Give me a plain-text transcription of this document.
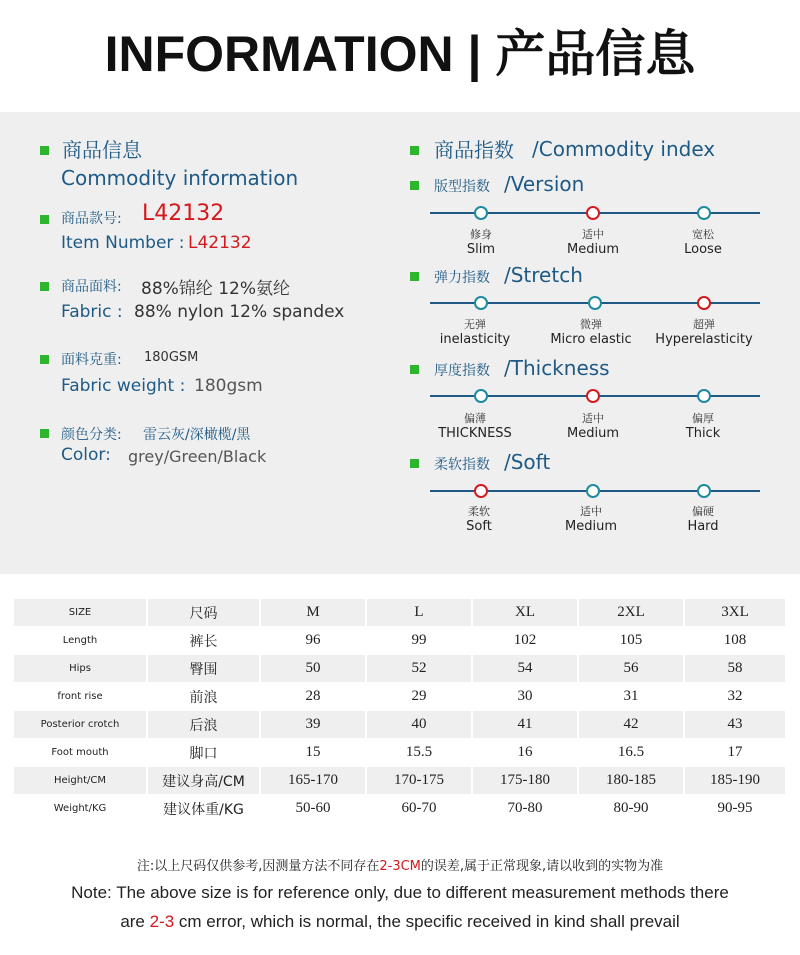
INFORMATION | 产品信息
商品信息
Commodity information
商品款号: L42132
Item Number : L42132
商品面料: 88%锦纶 12%氨纶
Fabric : 88% nylon 12% spandex
面料克重: 180GSM
Fabric weight : 180gsm
颜色分类: 雷云灰/深橄榄/黑
Color: grey/Green/Black
商品指数 /Commodity index
版型指数 /Version
修身
Slim
适中
Medium
宽松
Loose
弹力指数 /Stretch
无弹
inelasticity
微弹
Micro elastic
超弹
Hyperelasticity
厚度指数 /Thickness
偏薄
THICKNESS
适中
Medium
偏厚
Thick
柔软指数 /Soft
柔软
Soft
适中
Medium
偏硬
Hard
SIZE	尺码	M	L	XL	2XL	3XL
Length	裤长	96	99	102	105	108
Hips	臀围	50	52	54	56	58
front rise	前浪	28	29	30	31	32
Posterior crotch	后浪	39	40	41	42	43
Foot mouth	脚口	15	15.5	16	16.5	17
Height/CM	建议身高/CM	165-170	170-175	175-180	180-185	185-190
Weight/KG	建议体重/KG	50-60	60-70	70-80	80-90	90-95
注:以上尺码仅供参考,因测量方法不同存在2-3CM的误差,属于正常现象,请以收到的实物为准
Note: The above size is for reference only, due to different measurement methods there
are 2-3 cm error, which is normal, the specific received in kind shall prevail
